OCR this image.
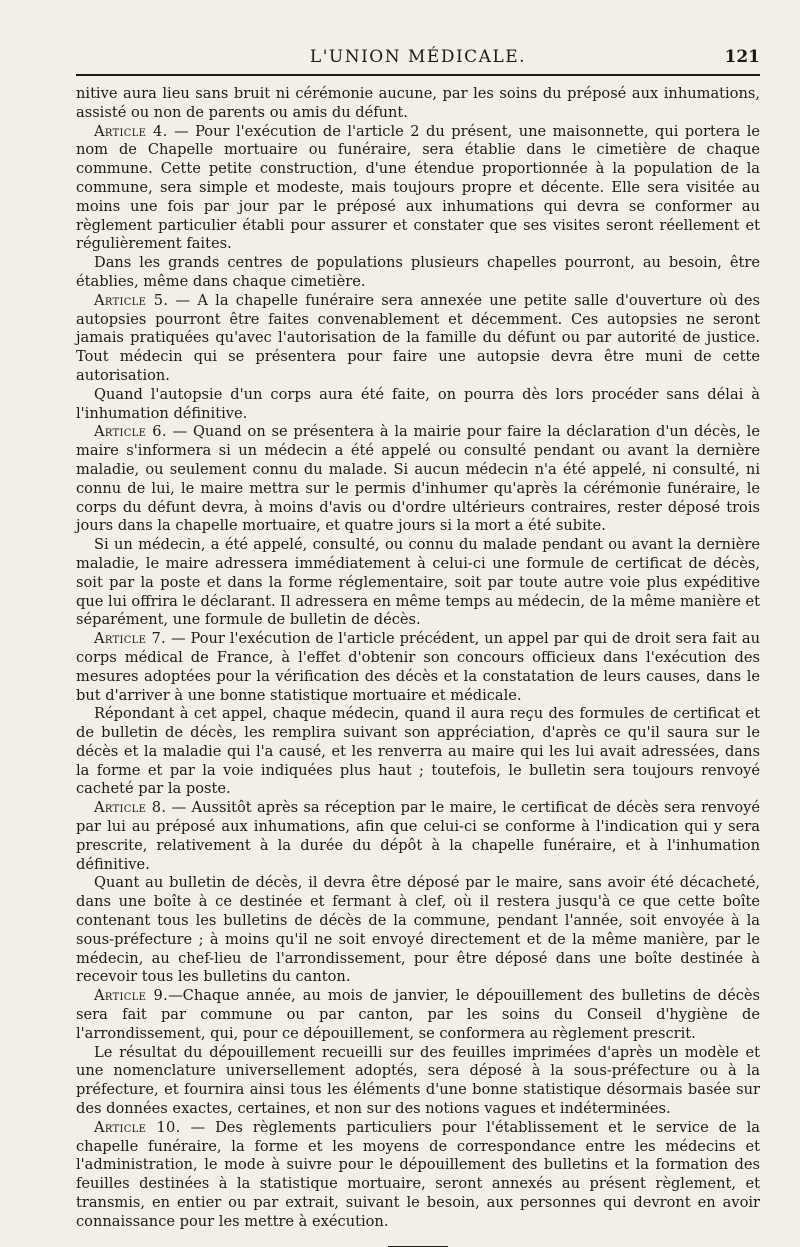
L'UNION MÉDICALE.	121

nitive aura lieu sans bruit ni cérémonie aucune, par les soins du préposé aux inhumations, assisté ou non de parents ou amis du défunt.

Article 4. — Pour l'exécution de l'article 2 du présent, une maisonnette, qui portera le nom de Chapelle mortuaire ou funéraire, sera établie dans le cimetière de chaque commune. Cette petite construction, d'une étendue proportionnée à la population de la commune, sera simple et modeste, mais toujours propre et décente. Elle sera visitée au moins une fois par jour par le préposé aux inhumations qui devra se conformer au règlement particulier établi pour assurer et constater que ses visites seront réellement et régulièrement faites.

Dans les grands centres de populations plusieurs chapelles pourront, au besoin, être établies, même dans chaque cimetière.

Article 5. — A la chapelle funéraire sera annexée une petite salle d'ouverture où des autopsies pourront être faites convenablement et décemment. Ces autopsies ne seront jamais pratiquées qu'avec l'autorisation de la famille du défunt ou par autorité de justice. Tout médecin qui se présentera pour faire une autopsie devra être muni de cette autorisation.

Quand l'autopsie d'un corps aura été faite, on pourra dès lors procéder sans délai à l'inhumation définitive.

Article 6. — Quand on se présentera à la mairie pour faire la déclaration d'un décès, le maire s'informera si un médecin a été appelé ou consulté pendant ou avant la dernière maladie, ou seulement connu du malade. Si aucun médecin n'a été appelé, ni consulté, ni connu de lui, le maire mettra sur le permis d'inhumer qu'après la cérémonie funéraire, le corps du défunt devra, à moins d'avis ou d'ordre ultérieurs contraires, rester déposé trois jours dans la chapelle mortuaire, et quatre jours si la mort a été subite.

Si un médecin, a été appelé, consulté, ou connu du malade pendant ou avant la dernière maladie, le maire adressera immédiatement à celui-ci une formule de certificat de décès, soit par la poste et dans la forme réglementaire, soit par toute autre voie plus expéditive que lui offrira le déclarant. Il adressera en même temps au médecin, de la même manière et séparément, une formule de bulletin de décès.

Article 7. — Pour l'exécution de l'article précédent, un appel par qui de droit sera fait au corps médical de France, à l'effet d'obtenir son concours officieux dans l'exécution des mesures adoptées pour la vérification des décès et la constatation de leurs causes, dans le but d'arriver à une bonne statistique mortuaire et médicale.

Répondant à cet appel, chaque médecin, quand il aura reçu des formules de certificat et de bulletin de décès, les remplira suivant son appréciation, d'après ce qu'il saura sur le décès et la maladie qui l'a causé, et les renverra au maire qui les lui avait adressées, dans la forme et par la voie indiquées plus haut ; toutefois, le bulletin sera toujours renvoyé cacheté par la poste.

Article 8. — Aussitôt après sa réception par le maire, le certificat de décès sera renvoyé par lui au préposé aux inhumations, afin que celui-ci se conforme à l'indication qui y sera prescrite, relativement à la durée du dépôt à la chapelle funéraire, et à l'inhumation définitive.

Quant au bulletin de décès, il devra être déposé par le maire, sans avoir été décacheté, dans une boîte à ce destinée et fermant à clef, où il restera jusqu'à ce que cette boîte contenant tous les bulletins de décès de la commune, pendant l'année, soit envoyée à la sous-préfecture ; à moins qu'il ne soit envoyé directement et de la même manière, par le médecin, au chef-lieu de l'arrondissement, pour être déposé dans une boîte destinée à recevoir tous les bulletins du canton.

Article 9.—Chaque année, au mois de janvier, le dépouillement des bulletins de décès sera fait par commune ou par canton, par les soins du Conseil d'hygiène de l'arrondissement, qui, pour ce dépouillement, se conformera au règlement prescrit.

Le résultat du dépouillement recueilli sur des feuilles imprimées d'après un modèle et une nomenclature universellement adoptés, sera déposé à la sous-préfecture ou à la préfecture, et fournira ainsi tous les éléments d'une bonne statistique désormais basée sur des données exactes, certaines, et non sur des notions vagues et indéterminées.

Article 10. — Des règlements particuliers pour l'établissement et le service de la chapelle funéraire, la forme et les moyens de correspondance entre les médecins et l'administration, le mode à suivre pour le dépouillement des bulletins et la formation des feuilles destinées à la statistique mortuaire, seront annexés au présent règlement, et transmis, en entier ou par extrait, suivant le besoin, aux personnes qui devront en avoir connaissance pour les mettre à exécution.
